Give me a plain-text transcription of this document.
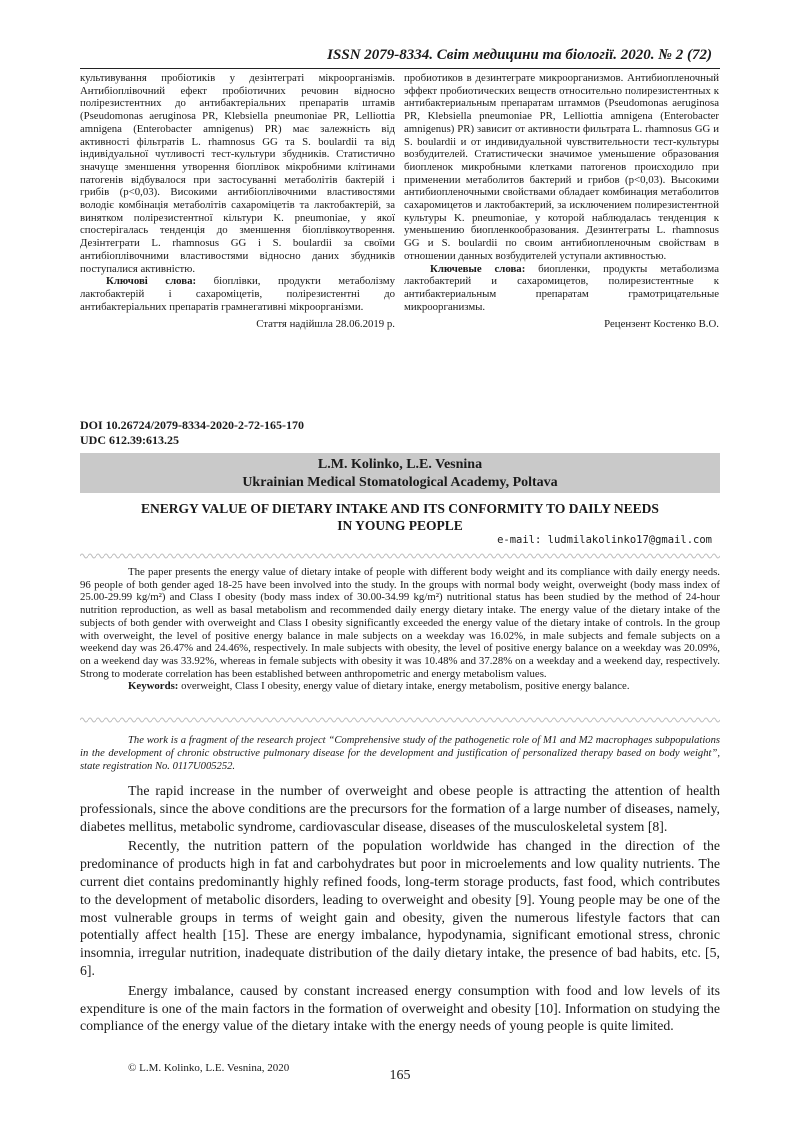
ISSN 2079-8334. Світ медицини та біології. 2020. № 2 (72)

культивування пробіотиків у дезінтеграті мікроорганізмів. Антибіоплівочний ефект пробіотичних речовин відносно полірезистентних до антибактеріальних препаратів штамів (Pseudomonas aeruginosa PR, Klebsiella pneumoniae PR, Lelliottia amnigena (Enterobacter amnigenus) PR) має залежність від активності фільтратів L. rhamnosus GG та S. boulardii та від індивідуальної чутливості тест-культури збудників. Статистично значуще зменшення утворення біоплівок мікробними клітинами патогенів відбувалося при застосуванні метаболітів бактерій і грибів (p<0,03). Високими антибіоплівочними властивостями володіє комбінація метаболітів сахароміцетів та лактобактерій, за винятком полірезистентної кільтури K. pneumoniae, у якої спостерігалась тенденція до зменшення біоплівкоутворення. Дезінтеграти L. rhamnosus GG і S. boulardii за своїми антибіоплівочними властивостями відносно даних збудників поступалися активністю.

Ключові слова: біоплівки, продукти метаболізму лактобактерій і сахароміцетів, полірезистентні до антибактеріальних препаратів грамнегативні мікроорганізми.

Стаття надійшла 28.06.2019 р.

пробиотиков в дезинтеграте микроорганизмов. Антибиопленочный эффект пробиотических веществ относительно полирезистентных к антибактериальным препаратам штаммов (Pseudomonas aeruginosa PR, Klebsiella pneumoniae PR, Lelliottia amnigena (Enterobacter amnigenus) PR) зависит от активности фильтрата L. rhamnosus GG и S. boulardii и от индивидуальной чувствительности тест-культуры возбудителей. Статистически значимое уменьшение образования биопленок микробными клетками патогенов происходило при применении метаболитов бактерий и грибов (p<0,03). Высокими антибиопленочными свойствами обладает комбинация метаболитов сахаромицетов и лактобактерий, за исключением полирезистентной культуры K. pneumoniae, у которой наблюдалась тенденция к уменьшению биопленкообразования. Дезинтеграты L. rhamnosus GG и S. boulardii по своим антибиопленочным свойствам в отношении данных возбудителей уступали активностью.

Ключевые слова: биопленки, продукты метаболизма лактобактерий и сахаромицетов, полирезистентные к антибактериальным препаратам грамотрицательные микроорганизмы.

Рецензент Костенко В.О.

DOI 10.26724/2079-8334-2020-2-72-165-170
UDC 612.39:613.25
L.M. Kolinko, L.E. Vesnina
Ukrainian Medical Stomatological Academy, Poltava
ENERGY VALUE OF DIETARY INTAKE AND ITS CONFORMITY TO DAILY NEEDS
IN YOUNG PEOPLE
e-mail: ludmilakolinko17@gmail.com

The paper presents the energy value of dietary intake of people with different body weight and its compliance with daily energy needs. 96 people of both gender aged 18-25 have been involved into the study. In the groups with normal body weight, overweight (body mass index of 25.00-29.99 kg/m²) and Class I obesity (body mass index of 30.00-34.99 kg/m²) nutritional status has been studied by the method of 24-hour nutrition reproduction, as well as basal metabolism and recommended daily energy dietary intake. The energy value of the dietary intake of the subjects of both gender with overweight and Class I obesity significantly exceeded the energy value of the dietary intake of controls. In the group with overweight, the level of positive energy balance in male subjects on a weekday was 16.02%, in male subjects and female subjects on a weekend day was 26.47% and 24.46%, respectively. In male subjects with obesity, the level of positive energy balance on a weekday was 20.09%, on a weekend day was 33.92%, whereas in female subjects with obesity it was 10.48% and 37.28% on a weekday and a weekend day, respectively. Strong to moderate correlation has been established between anthropometric and energy metabolism values.

Keywords: overweight, Class I obesity, energy value of dietary intake, energy metabolism, positive energy balance.

The work is a fragment of the research project “Comprehensive study of the pathogenetic role of M1 and M2 macrophages subpopulations in the development of chronic obstructive pulmonary disease for the development and justification of personalized therapy based on body weight”, state registration No. 0117U005252.

The rapid increase in the number of overweight and obese people is attracting the attention of health professionals, since the above conditions are the precursors for the formation of a large number of diseases, namely, diabetes mellitus, metabolic syndrome, cardiovascular disease, diseases of the musculoskeletal system [8].

Recently, the nutrition pattern of the population worldwide has changed in the direction of the predominance of products high in fat and carbohydrates but poor in microelements and low quality nutrients. The current diet contains predominantly highly refined foods, long-term storage products, fast food, which contributes to the development of metabolic disorders, leading to overweight and obesity [9]. Young people may be one of the most vulnerable groups in terms of weight gain and obesity, given the numerous lifestyle factors that can potentially affect health [15]. These are energy imbalance, hypodynamia, significant emotional stress, chronic insomnia, irregular nutrition, inadequate distribution of the daily dietary intake, the presence of bad habits, etc. [5, 6].

Energy imbalance, caused by constant increased energy consumption with food and low levels of its expenditure is one of the main factors in the formation of overweight and obesity [10]. Information on studying the compliance of the energy value of the dietary intake with the energy needs of young people is quite limited.

© L.M. Kolinko, L.E. Vesnina, 2020	165
